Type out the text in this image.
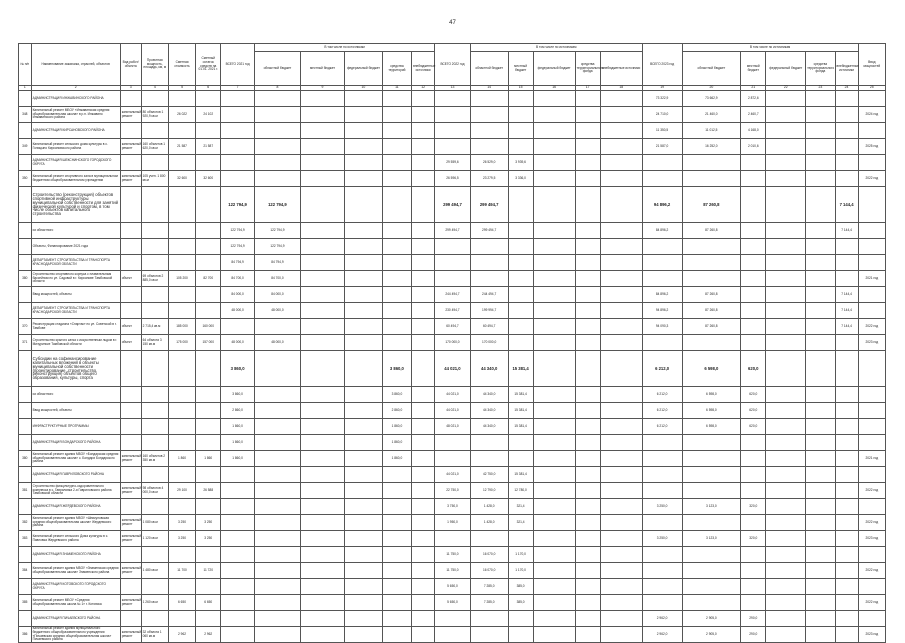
47
№ п/п	Наименование заказчика, отраслей, объектов	Вид работ/ объекта	Проектная мощность, площадь, км, м	Сметная стоимость	Сметный остаток средств на 01.01. 2021 г.	ВСЕГО 2021 год	В том числе по источникам					ВСЕГО 2022 год	В том числе по источникам					ВСЕГО 2023 год	В том числе по источникам					Ввод мощностей
							областной бюджет	местный бюджет	федеральный бюджет	средства территорий	внебюджетные источники		областной бюджет	местный бюджет	федеральный бюджет	средства территориального фонда	внебюджетные источники		областной бюджет	местный бюджет	федеральный бюджет	средства территориального фонда	внебюджетные источники	
1	2	3	4	5	6	7	8	9	10	11	12	13	14	15	16	17	18	19	20	21	22	23	24	25
	АДМИНИСТРАЦИЯ ИНЖАВИНСКОГО РАЙОНА																	73 322,9	73 662,9	2 872,6				
348	Капитальный ремонт МБОУ «Инжавинская средняя общеобразовательная школа» в р.п. Инжавино Инжавинского района	капитальный ремонт	80 объектов 1 920,9 кв.м	26 022	24 102													24 710,0	21 460,0	2 460,7				2024 год
	АДМИНИСТРАЦИЯ КИРСАНОВСКОГО РАЙОНА																	11 350,5	11 012,5	4 168,0				
349	Капитальный ремонт сельского дома культуры в с. Голицыно Кирсановского района	капитальный ремонт	160 объектов 1 620,0 кв.м	21 587	21 587													21 587,0	16 252,0	2 010,6				2025 год
	АДМИНИСТРАЦИЯ ШЕКСНИНСКОГО ГОРОДСКОГО ОКРУГА											29 559,6	26 529,0	3 939,6										
350	Капитальный ремонт спортивного зала в муниципальном бюджетном общеобразовательном учреждении	капитальный ремонт	105 учен. 1 800 кв.м	32 600	32 600							26 596,5	23 279,5	3 336,0										2022 год
	Строительство (реконструкция) объектов спортивной инфраструктуры муниципальной собственности для занятий физической культурой и спортом, в том числе объектов капитального строительства					122 794,9	122 794,9					299 494,7	299 494,7					94 896,2	87 260,8				7 144,4	
	из областного					122 794,9	122 794,9					299 494,7	299 494,7					84 896,2	87 260,8				7 144,4	
	Объекты, Финансирование 2021 года					122 794,9	122 794,9																	
	ДЕПАРТАМЕНТ СТРОИТЕЛЬСТВА И ТРАНСПОРТА КРАСНОДАРСКОЙ ОБЛАСТИ					84 794,9	84 794,9																	
380	Строительство спортивного корпуса с плавательным бассейном по ул. Садовой в г. Кирсанове Тамбовской области	объект	69 объектов 2 885,0 кв.м	105 200	82 700	84 700,0	84 700,0																	2021 год
	Ввод мощностей, объекты					84 000,0	84 000,0					244 494,7	244 494,7					84 896,2	87 260,8				7 144,4	
	ДЕПАРТАМЕНТ СТРОИТЕЛЬСТВА И ТРАНСПОРТА КРАСНОДАРСКОЙ ОБЛАСТИ					48 000,0	48 000,0					230 494,7	199 994,7					94 896,2	87 260,8				7 144,4	
370	Реконструкция стадиона «Спартак» по ул. Советской в г. Тамбове	объект	2 715,4 кв.м	185 000	160 000							60 494,7	60 494,7					94 090,3	87 260,8				7 144,4	2022 год
371	Строительство крытого катка с искусственным льдом в г. Мичуринске Тамбовской области	объект	64 объекта 3 150 кв.м	175 000	157 000	48 000,0	48 000,0					170 000,0	170 000,0											2023 год
	Субсидии на софинансирование капитальных вложений в объекты муниципальной собственности (проектирование, строительство, реконструкция) объектов общего образования, культуры, спорта					3 860,0				3 860,0		44 021,0	44 340,0	15 381,4				6 212,0	6 598,0	620,0				
	из областного					3 860,0				3 860,0		44 021,0	44 340,0	15 381,4				6 212,0	6 598,0	620,0				
	Ввод мощностей, объекты					2 860,0				2 860,0		44 021,0	44 340,0	15 381,4				6 212,0	6 598,0	620,0				
	ИНФРАСТРУКТУРНЫЕ ПРОГРАММЫ					1 860,0				1 860,0		48 021,0	44 340,0	15 381,4				6 212,0	6 598,0	620,0				
	АДМИНИСТРАЦИЯ БОНДАРСКОГО РАЙОНА					1 860,0				1 860,0														
380	Капитальный ремонт здания МБОУ «Бондарская средняя общеобразовательная школа» с. Бондари Бондарского района	капитальный ремонт	160 объектов 2 350 кв.м	1 860	1 860	1 860,0				1 860,0														2021 год
	АДМИНИСТРАЦИЯ ГАВРИЛОВСКОГО РАЙОНА											44 021,0	42 750,0	15 381,4										
381	Строительство физкультурно-оздоровительного комплекса в с. Гавриловка 2-я Гавриловского района Тамбовской области	капитальный ремонт	98 объектов 4 000,0 кв.м	29 100	26 588							22 750,0	12 790,0	12 780,0										2022 год
	АДМИНИСТРАЦИЯ ЖЕРДЕВСКОГО РАЙОНА											3 750,0	1 428,0	321,4				3 250,0	3 123,0	320,0				
382	Капитальный ремонт здания МБОУ «Шпикуловская средняя общеобразовательная школа» Жердевского района	капитальный ремонт	1 080 кв.м	3 250	3 250							1 950,0	1 428,0	321,4										2022 год
383	Капитальный ремонт сельского Дома культуры в с. Павловка Жердевского района	капитальный ремонт	1 120 кв.м	3 250	3 250													3 250,0	3 123,0	320,0				2023 год
	АДМИНИСТРАЦИЯ ЗНАМЕНСКОГО РАЙОНА											11 750,0	16 070,0	1 170,0										
384	Капитальный ремонт здания МБОУ «Знаменская средняя общеобразовательная школа» Знаменского района	капитальный ремонт	1 480 кв.м	11 700	11 720							11 750,0	16 070,0	1 170,0										2022 год
	АДМИНИСТРАЦИЯ КОТОВСКОГО ГОРОДСКОГО ОКРУГА											5 650,0	7 285,0	385,0										
385	Капитальный ремонт МБОУ «Средняя общеобразовательная школа № 1» г. Котовска	капитальный ремонт	1 260 кв.м	6 650	6 650							5 650,0	7 285,0	385,0										2022 год
	АДМИНИСТРАЦИЯ ПИЧАЕВСКОГО РАЙОНА																	2 962,0	2 905,0	290,0				
386	Капитальный ремонт здания муниципального бюджетного общеобразовательного учреждения «Пичаевская средняя общеобразовательная школа» Пичаевского района	капитальный ремонт	32 объекта 1 060 кв.м	2 962	2 962													2 962,0	2 905,0	290,0				2023 год
